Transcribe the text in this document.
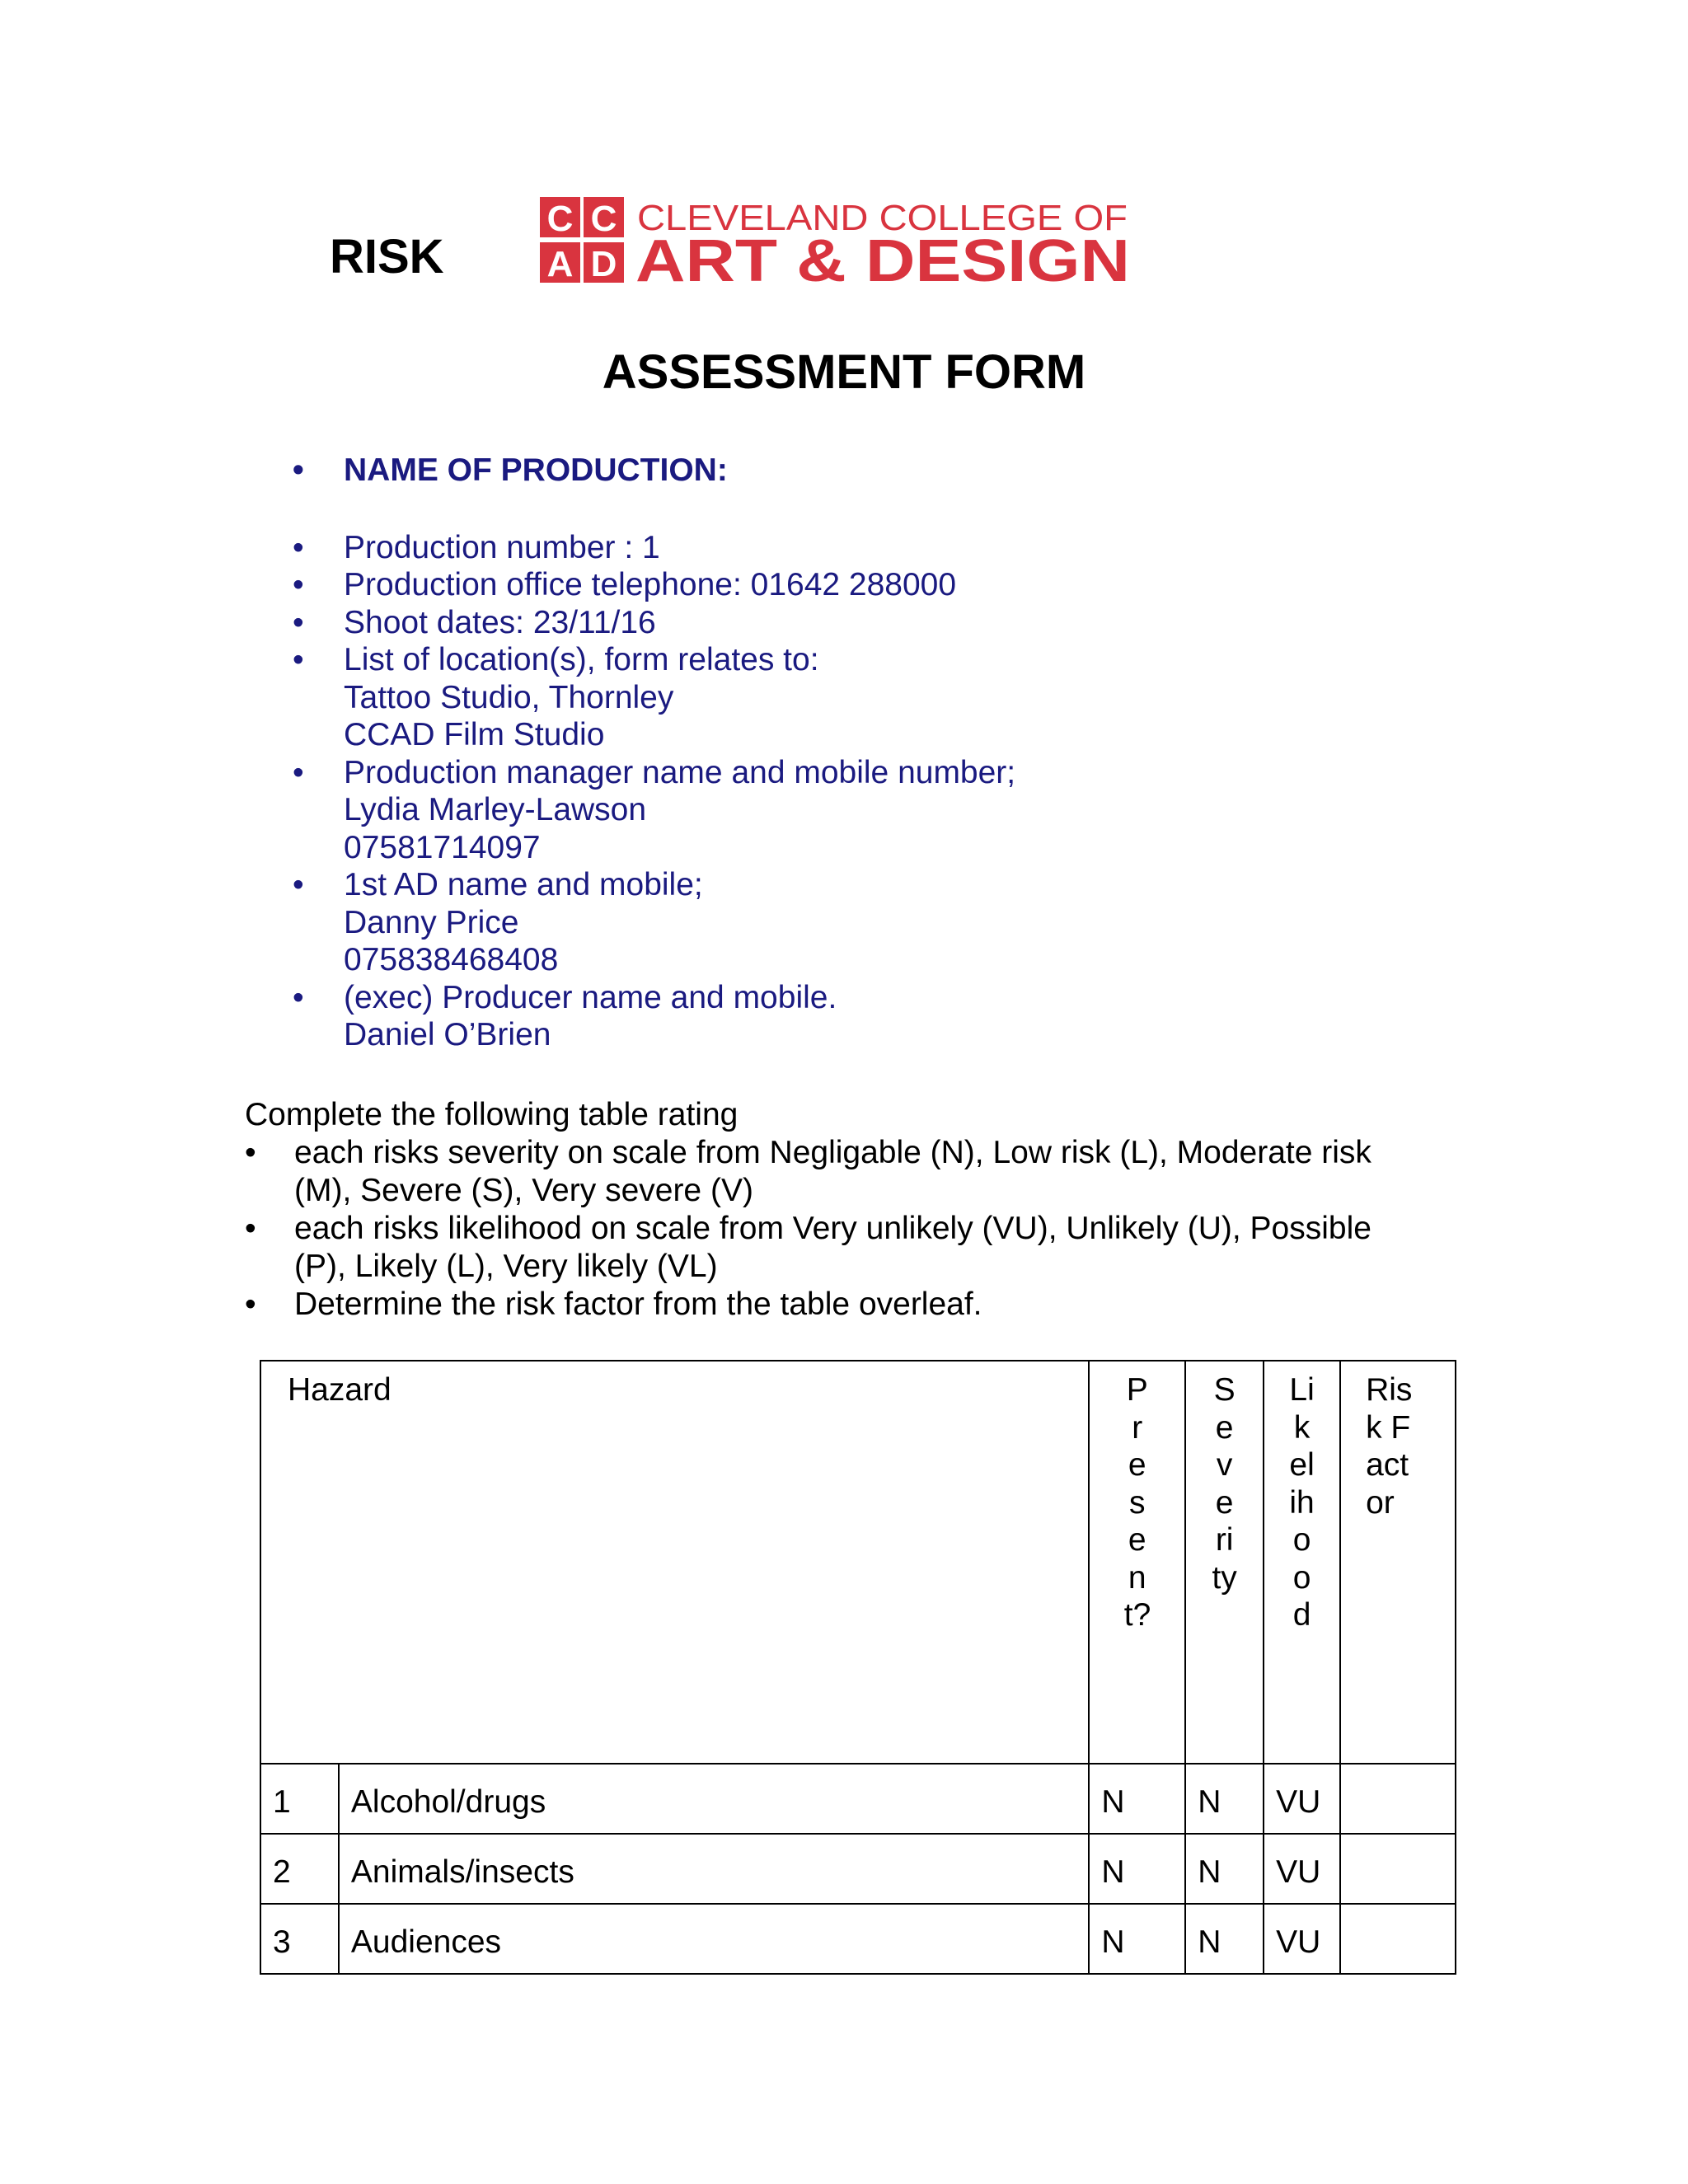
RISK
C C
A D
CLEVELAND COLLEGE OF
ART & DESIGN
ASSESSMENT FORM
• NAME OF PRODUCTION:
• Production number : 1
• Production office telephone: 01642 288000
• Shoot dates: 23/11/16
• List of location(s), form relates to:
Tattoo Studio, Thornley
CCAD Film Studio
• Production manager name and mobile number;
Lydia Marley-Lawson
07581714097
• 1st AD name and mobile;
Danny Price
075838468408
• (exec) Producer name and mobile.
Daniel O’Brien
Complete the following table rating
• each risks severity on scale from Negligable (N), Low risk (L), Moderate risk (M), Severe (S), Very severe (V)
• each risks likelihood on scale from Very unlikely (VU), Unlikely (U), Possible (P), Likely (L), Very likely (VL)
• Determine the risk factor from the table overleaf.
Hazard		Present?	Severity	Likelihood	Risk Factor

1	Alcohol/drugs	N	N	VU	
2	Animals/insects	N	N	VU	
3	Audiences	N	N	VU	
